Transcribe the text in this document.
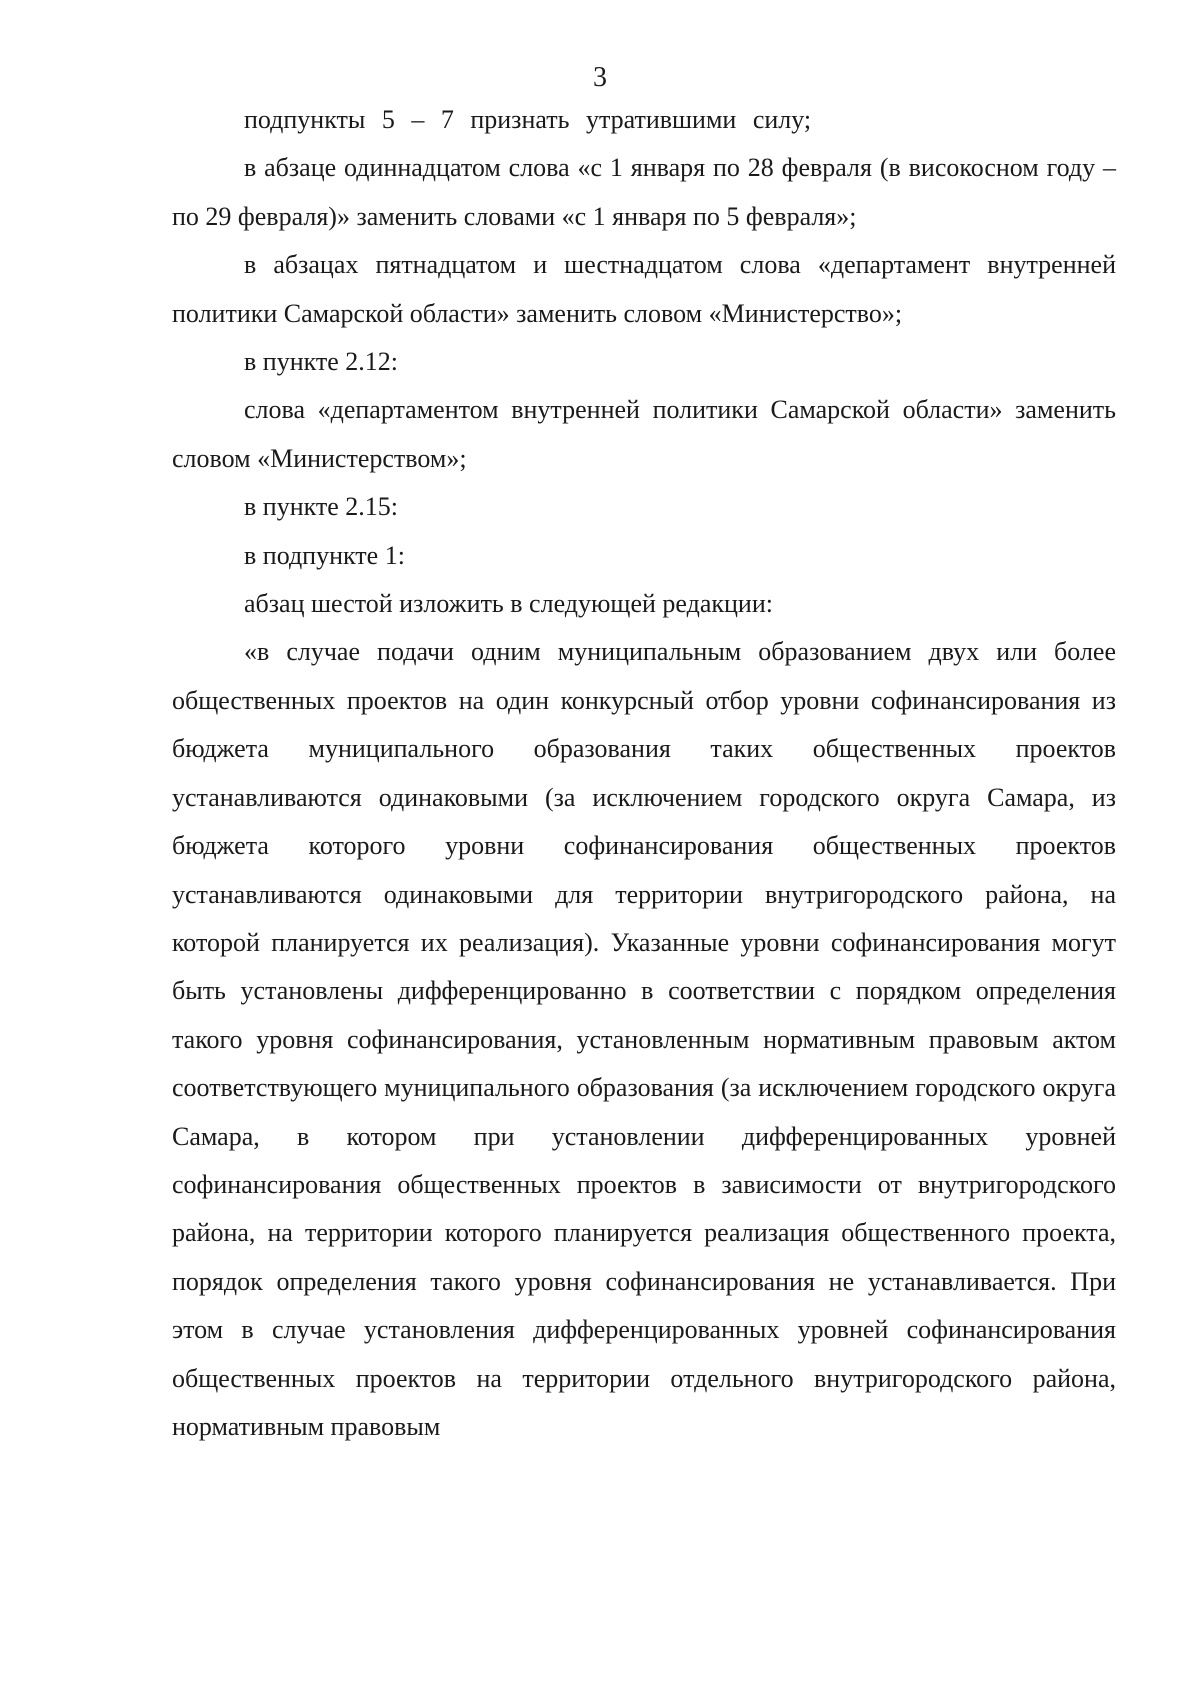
3

подпункты 5 – 7 признать утратившими силу;

в абзаце одиннадцатом слова «с 1 января по 28 февраля (в високосном году – по 29 февраля)» заменить словами «с 1 января по 5 февраля»;

в абзацах пятнадцатом и шестнадцатом слова «департамент внутренней политики Самарской области» заменить словом «Министерство»;

в пункте 2.12:

слова «департаментом внутренней политики Самарской области» заменить словом «Министерством»;

в пункте 2.15:

в подпункте 1:

абзац шестой изложить в следующей редакции:

«в случае подачи одним муниципальным образованием двух или более общественных проектов на один конкурсный отбор уровни софинансирования из бюджета муниципального образования таких общественных проектов устанавливаются одинаковыми (за исключением городского округа Самара, из бюджета которого уровни софинансирования общественных проектов устанавливаются одинаковыми для территории внутригородского района, на которой планируется их реализация). Указанные уровни софинансирования могут быть установлены дифференцированно в соответствии с порядком определения такого уровня софинансирования, установленным нормативным правовым актом соответствующего муниципального образования (за исключением городского округа Самара, в котором при установлении дифференцированных уровней софинансирования общественных проектов в зависимости от внутригородского района, на территории которого планируется реализация общественного проекта, порядок определения такого уровня софинансирования не устанавливается. При этом в случае установления дифференцированных уровней софинансирования общественных проектов на территории отдельного внутригородского района, нормативным правовым
